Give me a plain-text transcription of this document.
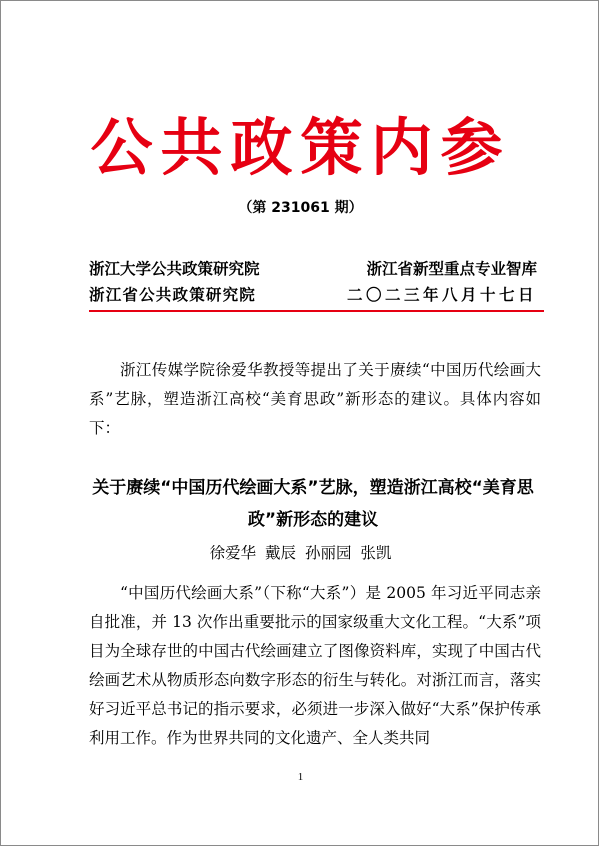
公共政策内参
（第 231061 期）
浙江大学公共政策研究院	浙江省新型重点专业智库
浙江省公共政策研究院	二〇二三年八月十七日

浙江传媒学院徐爱华教授等提出了关于赓续“中国历代绘画大系”艺脉，塑造浙江高校“美育思政”新形态的建议。具体内容如下：

关于赓续“中国历代绘画大系”艺脉，塑造浙江高校“美育思政”新形态的建议
徐爱华 戴辰 孙丽园 张凯

“中国历代绘画大系”（下称“大系”）是 2005 年习近平同志亲自批准，并 13 次作出重要批示的国家级重大文化工程。“大系”项目为全球存世的中国古代绘画建立了图像资料库，实现了中国古代绘画艺术从物质形态向数字形态的衍生与转化。对浙江而言，落实好习近平总书记的指示要求，必须进一步深入做好“大系”保护传承利用工作。作为世界共同的文化遗产、全人类共同

1
